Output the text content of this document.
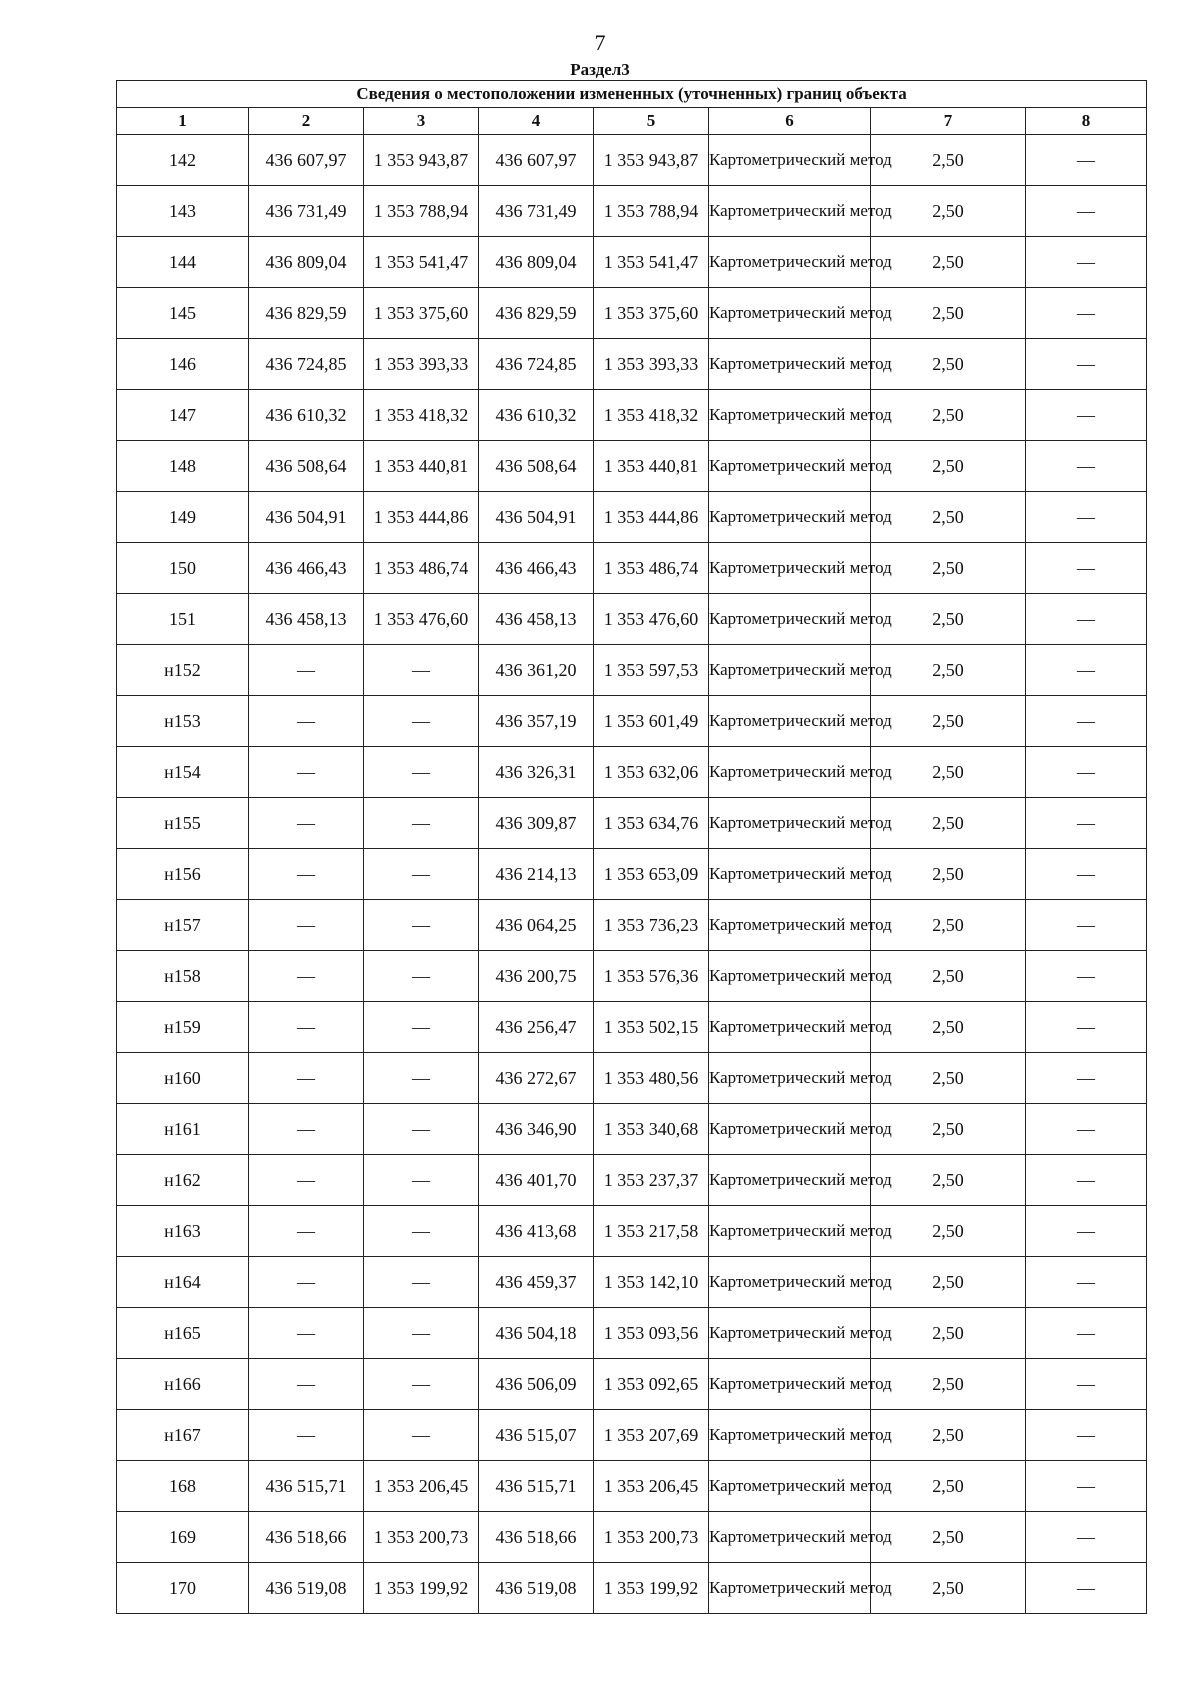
7
Раздел3
Сведения о местоположении измененных (уточненных) границ объекта							
1	2	3	4	5	6	7	8
142	436 607,97	1 353 943,87	436 607,97	1 353 943,87	Картометрический метод	2,50	—
143	436 731,49	1 353 788,94	436 731,49	1 353 788,94	Картометрический метод	2,50	—
144	436 809,04	1 353 541,47	436 809,04	1 353 541,47	Картометрический метод	2,50	—
145	436 829,59	1 353 375,60	436 829,59	1 353 375,60	Картометрический метод	2,50	—
146	436 724,85	1 353 393,33	436 724,85	1 353 393,33	Картометрический метод	2,50	—
147	436 610,32	1 353 418,32	436 610,32	1 353 418,32	Картометрический метод	2,50	—
148	436 508,64	1 353 440,81	436 508,64	1 353 440,81	Картометрический метод	2,50	—
149	436 504,91	1 353 444,86	436 504,91	1 353 444,86	Картометрический метод	2,50	—
150	436 466,43	1 353 486,74	436 466,43	1 353 486,74	Картометрический метод	2,50	—
151	436 458,13	1 353 476,60	436 458,13	1 353 476,60	Картометрический метод	2,50	—
н152	—	—	436 361,20	1 353 597,53	Картометрический метод	2,50	—
н153	—	—	436 357,19	1 353 601,49	Картометрический метод	2,50	—
н154	—	—	436 326,31	1 353 632,06	Картометрический метод	2,50	—
н155	—	—	436 309,87	1 353 634,76	Картометрический метод	2,50	—
н156	—	—	436 214,13	1 353 653,09	Картометрический метод	2,50	—
н157	—	—	436 064,25	1 353 736,23	Картометрический метод	2,50	—
н158	—	—	436 200,75	1 353 576,36	Картометрический метод	2,50	—
н159	—	—	436 256,47	1 353 502,15	Картометрический метод	2,50	—
н160	—	—	436 272,67	1 353 480,56	Картометрический метод	2,50	—
н161	—	—	436 346,90	1 353 340,68	Картометрический метод	2,50	—
н162	—	—	436 401,70	1 353 237,37	Картометрический метод	2,50	—
н163	—	—	436 413,68	1 353 217,58	Картометрический метод	2,50	—
н164	—	—	436 459,37	1 353 142,10	Картометрический метод	2,50	—
н165	—	—	436 504,18	1 353 093,56	Картометрический метод	2,50	—
н166	—	—	436 506,09	1 353 092,65	Картометрический метод	2,50	—
н167	—	—	436 515,07	1 353 207,69	Картометрический метод	2,50	—
168	436 515,71	1 353 206,45	436 515,71	1 353 206,45	Картометрический метод	2,50	—
169	436 518,66	1 353 200,73	436 518,66	1 353 200,73	Картометрический метод	2,50	—
170	436 519,08	1 353 199,92	436 519,08	1 353 199,92	Картометрический метод	2,50	—
